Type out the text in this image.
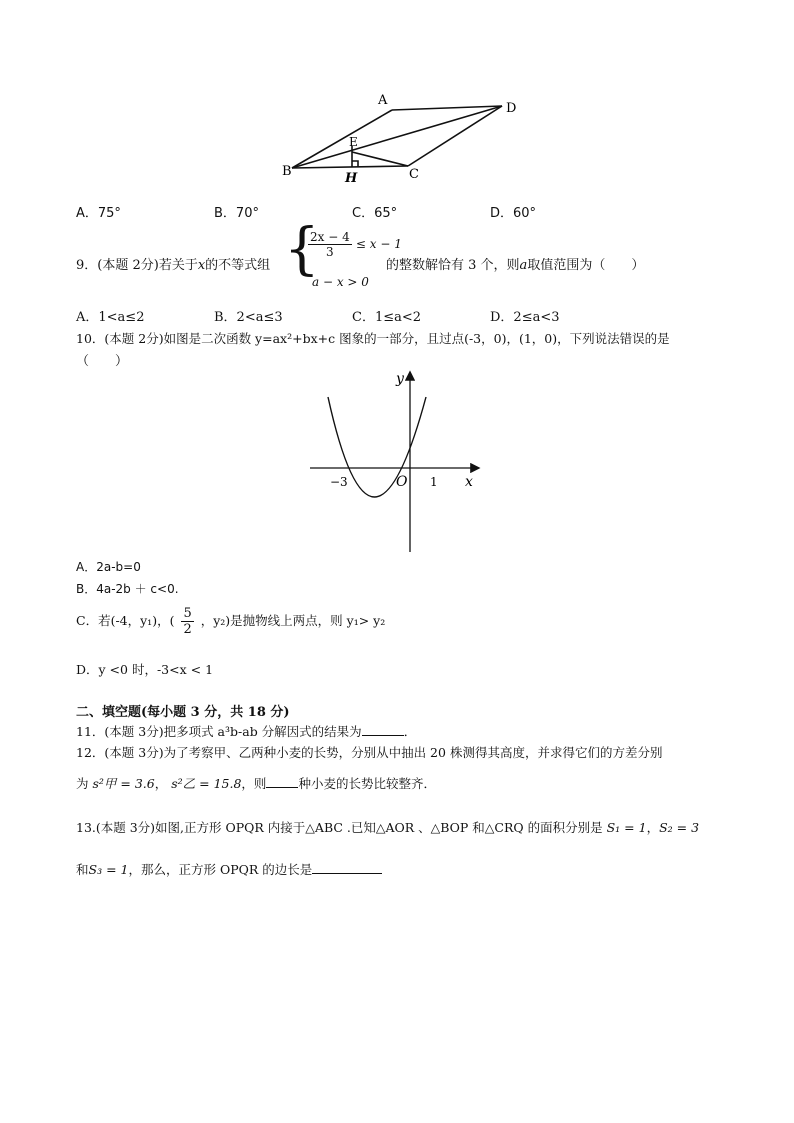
A
D
E
B	H	C
A．75°	B．70°	C．65°	D．60°
9．(本题 2分)若关于x的不等式组 {
$\frac{2x - 4}{3} \le x - 1$
a − x > 0
的整数解恰有 3 个，则a取值范围为（　　）
A．1<a≤2	B．2<a≤3	C．1≤a<2	D．2≤a<3
10．(本题 2分)如图是二次函数 y=ax²+bx+c 图象的一部分，且过点(-3，0)，(1，0)，下列说法错误的是
（　　）
y
x
O
−3	1
A．2a-b=0
B．4a-2b ＋ c<0.
C．若(-4，y₁)，( $\frac{5}{2}$ ，y₂)是抛物线上两点，则 y₁> y₂
D．y <0 时，-3<x < 1
二、填空题(每小题 3 分，共 18 分)
11．(本题 3分)把多项式 a³b-ab 分解因式的结果为	．
12．(本题 3分)为了考察甲、乙两种小麦的长势，分别从中抽出 20 株测得其高度，并求得它们的方差分别
为 s²甲 = 3.6， s²乙 = 15.8，则	种小麦的长势比较整齐．
13.(本题 3分)如图,正方形 OPQR 内接于△ABC .已知△AOR 、△BOP 和△CRQ 的面积分别是 S₁ = 1，S₂ = 3
和S₃ = 1，那么，正方形 OPQR 的边长是
